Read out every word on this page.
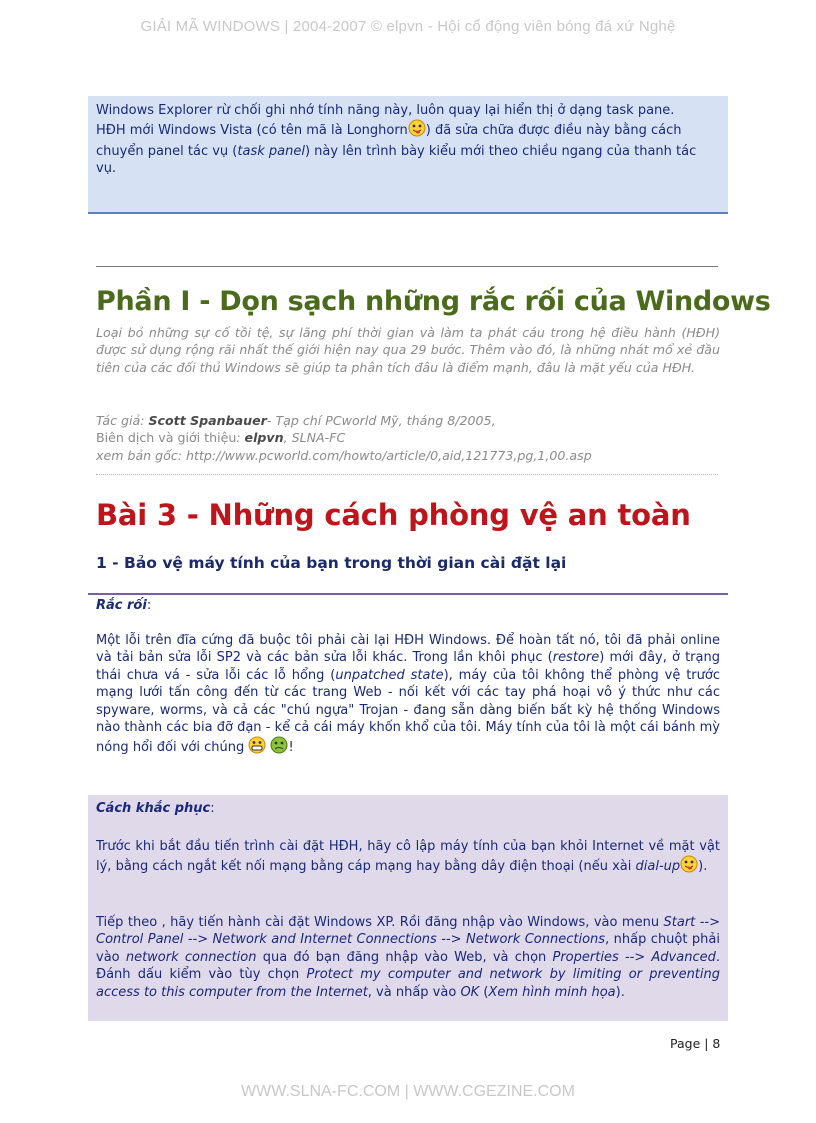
GIẢI MÃ WINDOWS | 2004-2007 © elpvn - Hội cổ động viên bóng đá xứ Nghệ
Windows Explorer rừ chối ghi nhớ tính năng này, luôn quay lại hiển thị ở dạng task pane.
HĐH mới Windows Vista (có tên mã là Longhorn ) đã sửa chữa được điều này bằng cách
chuyển panel tác vụ (task panel) này lên trình bày kiểu mới theo chiều ngang của thanh tác
vụ.
Phần I - Dọn sạch những rắc rối của Windows
Loại bỏ những sự cố tồi tệ, sự lãng phí thời gian và làm ta phát cáu trong hệ điều hành (HĐH) được sử dụng rộng rãi nhất thế giới hiện nay qua 29 bước. Thêm vào đó, là những nhát mổ xẻ đầu tiên của các đối thủ Windows sẽ giúp ta phân tích đâu là điểm mạnh, đâu là mặt yếu của HĐH.
Tác giả: Scott Spanbauer- Tạp chí PCworld Mỹ, tháng 8/2005,
Biên dịch và giới thiệu: elpvn, SLNA-FC
xem bản gốc: http://www.pcworld.com/howto/article/0,aid,121773,pg,1,00.asp
Bài 3 - Những cách phòng vệ an toàn
1 - Bảo vệ máy tính của bạn trong thời gian cài đặt lại
Rắc rối:
Một lỗi trên đĩa cứng đã buộc tôi phải cài lại HĐH Windows. Để hoàn tất nó, tôi đã phải online và tải bản sửa lỗi SP2 và các bản sửa lỗi khác. Trong lần khôi phục (restore) mới đây, ở trạng thái chưa vá - sửa lỗi các lỗ hổng (unpatched state), máy của tôi không thể phòng vệ trước mạng lưới tấn công đến từ các trang Web - nối kết với các tay phá hoại vô ý thức như các spyware, worms, và cả các "chú ngựa" Trojan - đang sẵn dàng biến bất kỳ hệ thống Windows nào thành các bia đỡ đạn - kể cả cái máy khốn khổ của tôi. Máy tính của tôi là một cái bánh mỳ nóng hổi đối với chúng	!
Cách khắc phục:
Trước khi bắt đầu tiến trình cài đặt HĐH, hãy cô lập máy tính của bạn khỏi Internet về mặt vật lý, bằng cách ngắt kết nối mạng bằng cáp mạng hay bằng dây điện thoại (nếu xài dial-up ).
Tiếp theo , hãy tiến hành cài đặt Windows XP. Rồi đăng nhập vào Windows, vào menu Start --> Control Panel --> Network and Internet Connections --> Network Connections, nhấp chuột phải vào network connection qua đó bạn đăng nhập vào Web, và chọn Properties --> Advanced. Đánh dấu kiểm vào tùy chọn Protect my computer and network by limiting or preventing access to this computer from the Internet, và nhấp vào OK (Xem hình minh họa).
Page | 8
WWW.SLNA-FC.COM | WWW.CGEZINE.COM
